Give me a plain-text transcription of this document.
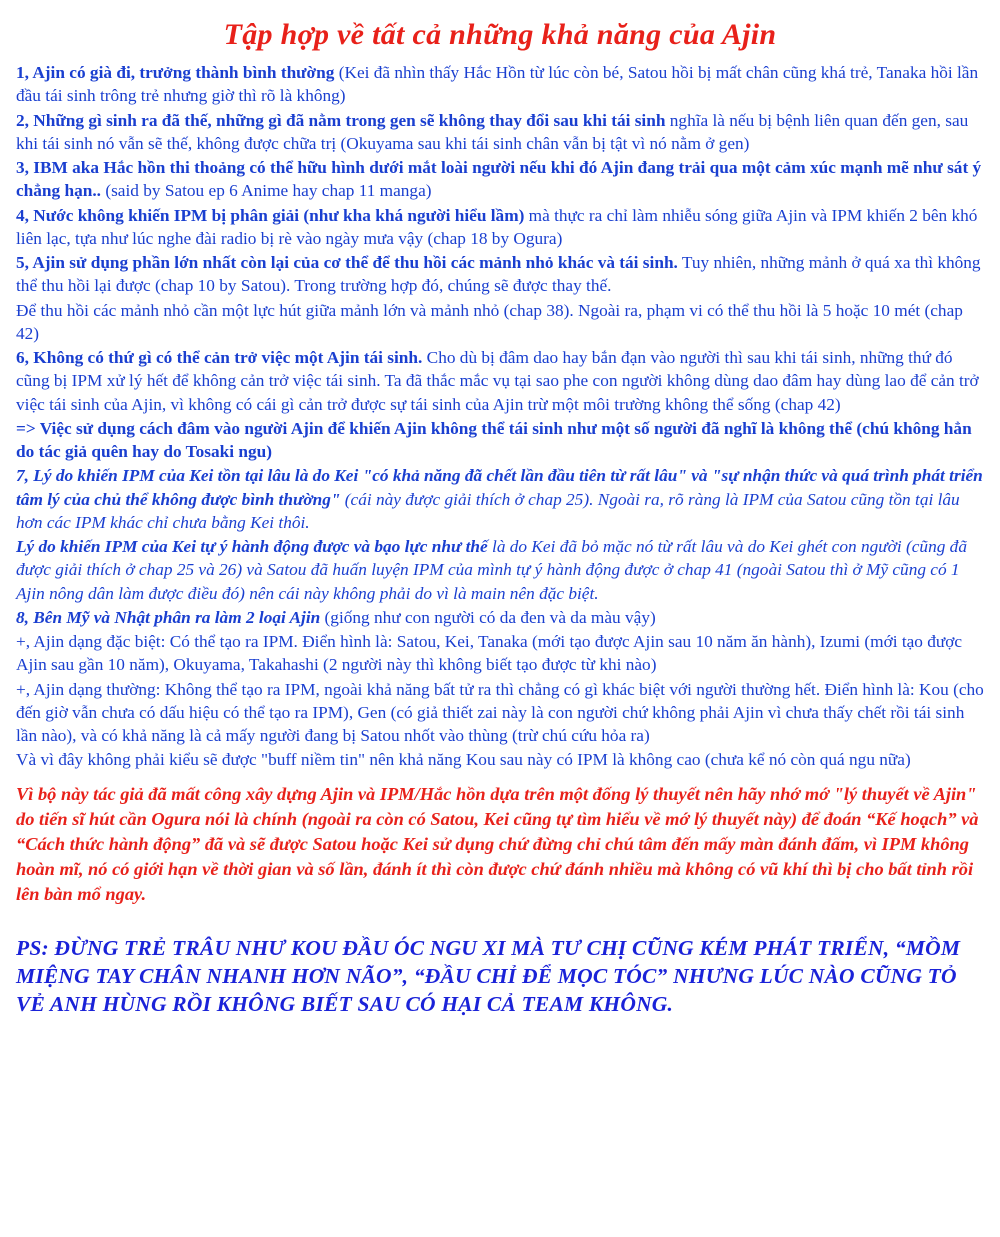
Tập hợp về tất cả những khả năng của Ajin

1, Ajin có già đi, trưởng thành bình thường (Kei đã nhìn thấy Hắc Hồn từ lúc còn bé, Satou hồi bị mất chân cũng khá trẻ, Tanaka hồi lần đầu tái sinh trông trẻ nhưng giờ thì rõ là không)

2, Những gì sinh ra đã thế, những gì đã nằm trong gen sẽ không thay đổi sau khi tái sinh nghĩa là nếu bị bệnh liên quan đến gen, sau khi tái sinh nó vẫn sẽ thế, không được chữa trị (Okuyama sau khi tái sinh chân vẫn bị tật vì nó nằm ở gen)

3, IBM aka Hắc hồn thi thoảng có thể hữu hình dưới mắt loài người nếu khi đó Ajin đang trải qua một cảm xúc mạnh mẽ như sát ý chẳng hạn.. (said by Satou ep 6 Anime hay chap 11 manga)

4, Nước không khiến IPM bị phân giải (như kha khá người hiểu lầm) mà thực ra chỉ làm nhiễu sóng giữa Ajin và IPM khiến 2 bên khó liên lạc, tựa như lúc nghe đài radio bị rè vào ngày mưa vậy (chap 18 bу Ogura)

5, Ajin sử dụng phần lớn nhất còn lại của cơ thể để thu hồi các mảnh nhỏ khác và tái sinh. Tuy nhiên, những mảnh ở quá xa thì không thể thu hồi lại được (chap 10 by Satou). Trong trường hợp đó, chúng sẽ được thay thế.

Để thu hồi các mảnh nhỏ cần một lực hút giữa mảnh lớn và mảnh nhỏ (chap 38). Ngoài ra, phạm vi có thể thu hồi là 5 hoặc 10 mét (chap 42)

6, Không có thứ gì có thể cản trở việc một Ajin tái sinh. Cho dù bị đâm dao hay bắn đạn vào người thì sau khi tái sinh, những thứ đó cũng bị IPM xử lý hết để không cản trở việc tái sinh. Ta đã thắc mắc vụ tại sao phe con người không dùng dao đâm hay dùng lao để cản trở việc tái sinh của Ajin, vì không có cái gì cản trở được sự tái sinh của Ajin trừ một môi trường không thể sống (chap 42)

=> Việc sử dụng cách đâm vào người Ajin để khiến Ajin không thể tái sinh như một số người đã nghĩ là không thể (chú không hẳn do tác giả quên hay do Tosaki ngu)

7, Lý do khiến IPM của Kei tồn tại lâu là do Kei "có khả năng đã chết lần đầu tiên từ rất lâu" và "sự nhận thức và quá trình phát triển tâm lý của chủ thể không được bình thường" (cái này được giải thích ở chap 25). Ngoài ra, rõ ràng là IPM của Satou cũng tồn tại lâu hơn các IPM khác chỉ chưa bằng Kei thôi.

Lý do khiến IPM của Kei tự ý hành động được và bạo lực như thế là do Kei đã bỏ mặc nó từ rất lâu và do Kei ghét con người (cũng đã được giải thích ở chap 25 và 26) và Satou đã huấn luyện IPM của mình tự ý hành động được ở chap 41 (ngoài Satou thì ở Mỹ cũng có 1 Ajin nông dân làm được điều đó) nên cái này không phải do vì là main nên đặc biệt.

8, Bên Mỹ và Nhật phân ra làm 2 loại Ajin (giống như con người có da đen và da màu vậy)

+, Ajin dạng đặc biệt: Có thể tạo ra IPM. Điển hình là: Satou, Kei, Tanaka (mới tạo được Ajin sau 10 năm ăn hành), Izumi (mới tạo được Ajin sau gần 10 năm), Okuyama, Takahashi (2 người này thì không biết tạo được từ khi nào)

+, Ajin dạng thường: Không thể tạo ra IPM, ngoài khả năng bất tử ra thì chẳng có gì khác biệt với người thường hết. Điển hình là: Kou (cho đến giờ vẫn chưa có dấu hiệu có thể tạo ra IPM), Gen (có giả thiết zai này là con người chứ không phải Ajin vì chưa thấy chết rồi tái sinh lần nào), và có khả năng là cả mấy người đang bị Satou nhốt vào thùng (trừ chú cứu hỏa ra)

Và vì đây không phải kiểu sẽ được "buff niềm tin" nên khả năng Kou sau này có IPM là không cao (chưa kể nó còn quá ngu nữa)

Vì bộ này tác giả đã mất công xây dựng Ajin và IPM/Hắc hồn dựa trên một đống lý thuyết nên hãy nhớ mớ "lý thuyết về Ajin" do tiến sĩ hút cần Ogura nói là chính (ngoài ra còn có Satou, Kei cũng tự tìm hiểu về mớ lý thuyết này) để đoán “Kế hoạch” và “Cách thức hành động” đã và sẽ được Satou hoặc Kei sử dụng chứ đừng chỉ chú tâm đến mấy màn đánh đấm, vì IPM không hoàn mĩ, nó có giới hạn về thời gian và số lần, đánh ít thì còn được chứ đánh nhiều mà không có vũ khí thì bị cho bất tỉnh rồi lên bàn mổ ngay.
PS: ĐỪNG TRẺ TRÂU NHƯ KOU ĐẦU ÓC NGU XI MÀ TƯ CHỊ CŨNG KÉM PHÁT TRIỂN, “MỒM MIỆNG TAY CHÂN NHANH HƠN NÃO”, “ĐẦU CHỈ ĐỂ MỌC TÓC” NHƯNG LÚC NÀO CŨNG TỎ VẺ ANH HÙNG RỒI KHÔNG BIẾT SAU CÓ HẠI CẢ TEAM KHÔNG.
